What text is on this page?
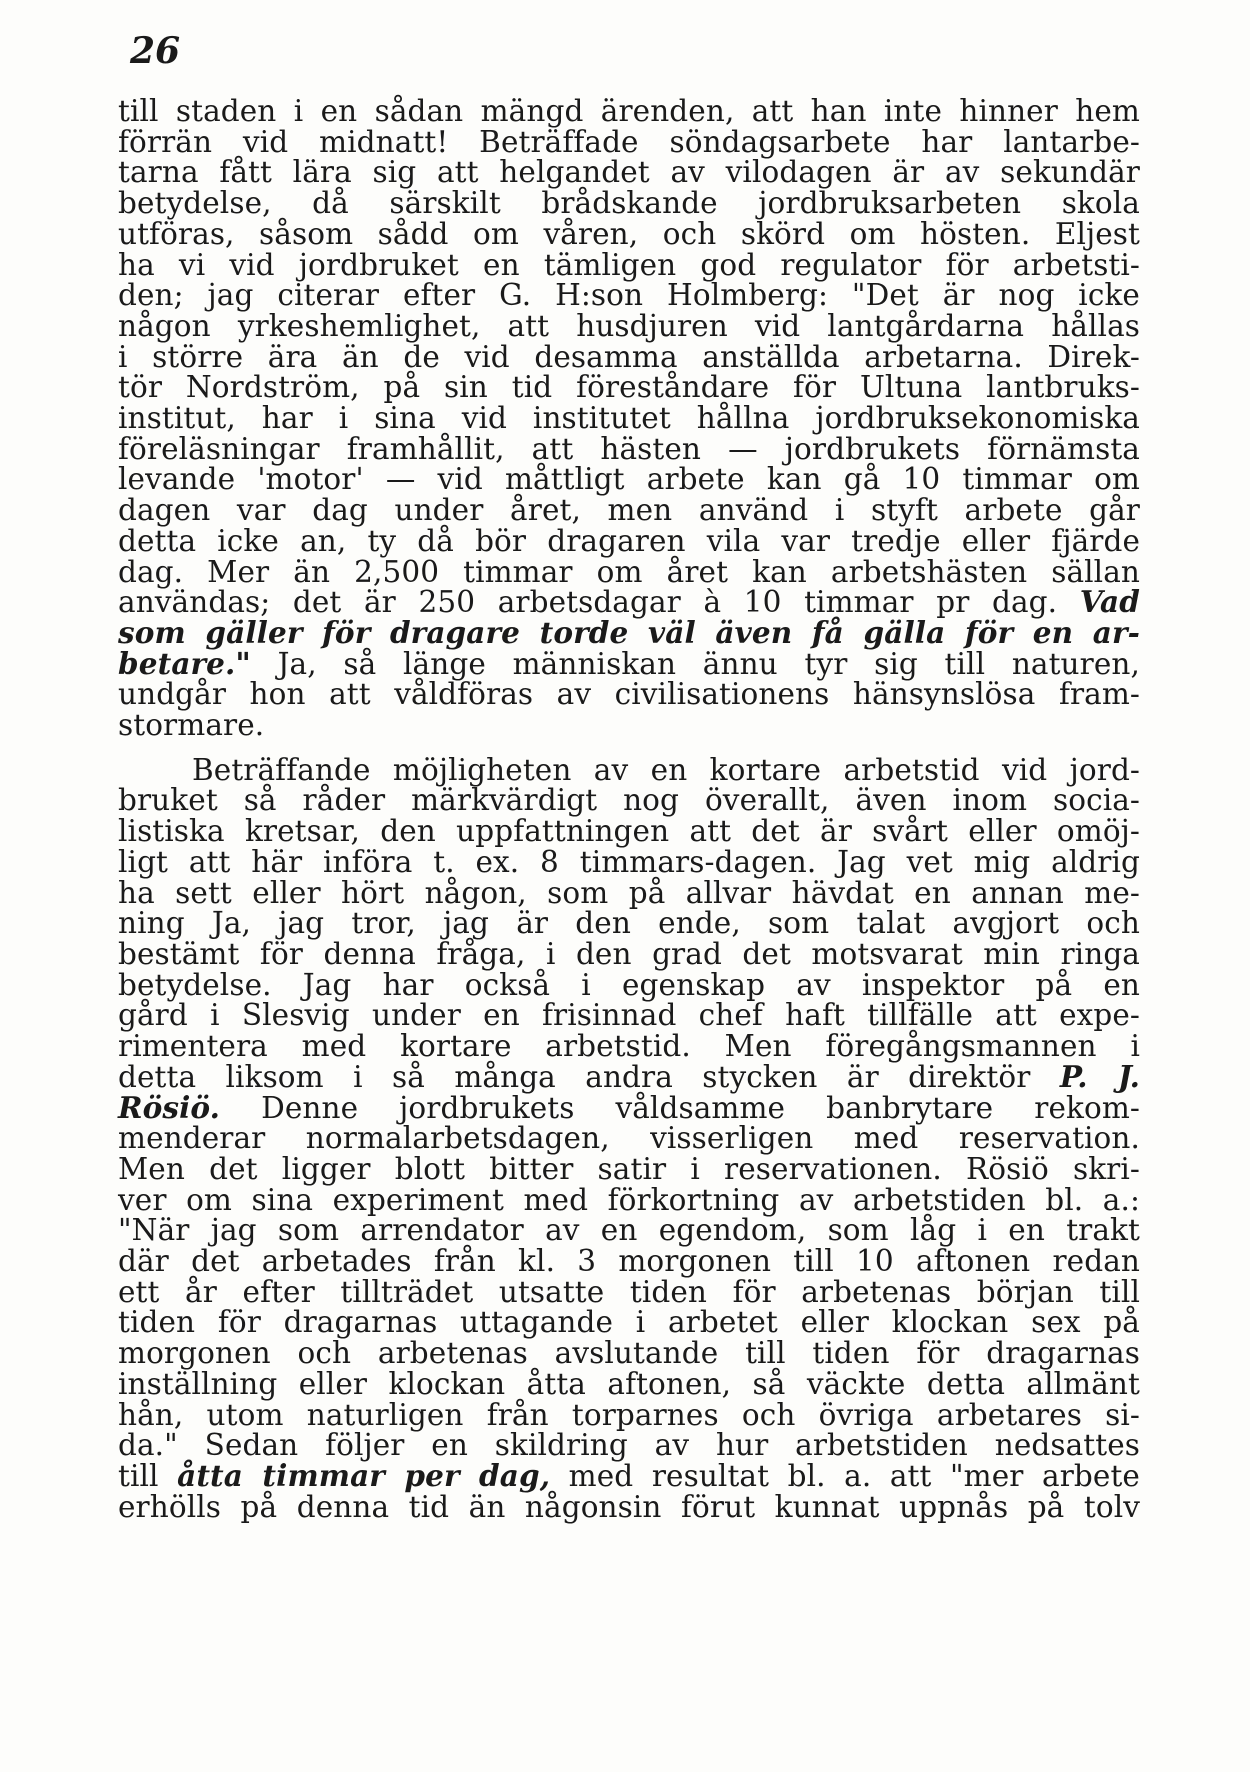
26
till staden i en sådan mängd ärenden, att han inte hinner hem
förrän vid midnatt! Beträffade söndagsarbete har lantarbe-
tarna fått lära sig att helgandet av vilodagen är av sekundär
betydelse, då särskilt brådskande jordbruksarbeten skola
utföras, såsom sådd om våren, och skörd om hösten. Eljest
ha vi vid jordbruket en tämligen god regulator för arbetsti-
den; jag citerar efter G. H:son Holmberg: "Det är nog icke
någon yrkeshemlighet, att husdjuren vid lantgårdarna hållas
i större ära än de vid desamma anställda arbetarna. Direk-
tör Nordström, på sin tid föreståndare för Ultuna lantbruks-
institut, har i sina vid institutet hållna jordbruksekonomiska
föreläsningar framhållit, att hästen — jordbrukets förnämsta
levande 'motor' — vid måttligt arbete kan gå 10 timmar om
dagen var dag under året, men använd i styft arbete går
detta icke an, ty då bör dragaren vila var tredje eller fjärde
dag. Mer än 2,500 timmar om året kan arbetshästen sällan
användas; det är 250 arbetsdagar à 10 timmar pr dag. Vad
som gäller för dragare torde väl även få gälla för en ar-
betare." Ja, så länge människan ännu tyr sig till naturen,
undgår hon att våldföras av civilisationens hänsynslösa fram-
stormare.
Beträffande möjligheten av en kortare arbetstid vid jord-
bruket så råder märkvärdigt nog överallt, även inom socia-
listiska kretsar, den uppfattningen att det är svårt eller omöj-
ligt att här införa t. ex. 8 timmars-dagen. Jag vet mig aldrig
ha sett eller hört någon, som på allvar hävdat en annan me-
ning Ja, jag tror, jag är den ende, som talat avgjort och
bestämt för denna fråga, i den grad det motsvarat min ringa
betydelse. Jag har också i egenskap av inspektor på en
gård i Slesvig under en frisinnad chef haft tillfälle att expe-
rimentera med kortare arbetstid. Men föregångsmannen i
detta liksom i så många andra stycken är direktör P. J.
Rösiö. Denne jordbrukets våldsamme banbrytare rekom-
menderar normalarbetsdagen, visserligen med reservation.
Men det ligger blott bitter satir i reservationen. Rösiö skri-
ver om sina experiment med förkortning av arbetstiden bl. a.:
"När jag som arrendator av en egendom, som låg i en trakt
där det arbetades från kl. 3 morgonen till 10 aftonen redan
ett år efter tillträdet utsatte tiden för arbetenas början till
tiden för dragarnas uttagande i arbetet eller klockan sex på
morgonen och arbetenas avslutande till tiden för dragarnas
inställning eller klockan åtta aftonen, så väckte detta allmänt
hån, utom naturligen från torparnes och övriga arbetares si-
da." Sedan följer en skildring av hur arbetstiden nedsattes
till åtta timmar per dag, med resultat bl. a. att "mer arbete
erhölls på denna tid än någonsin förut kunnat uppnås på tolv
